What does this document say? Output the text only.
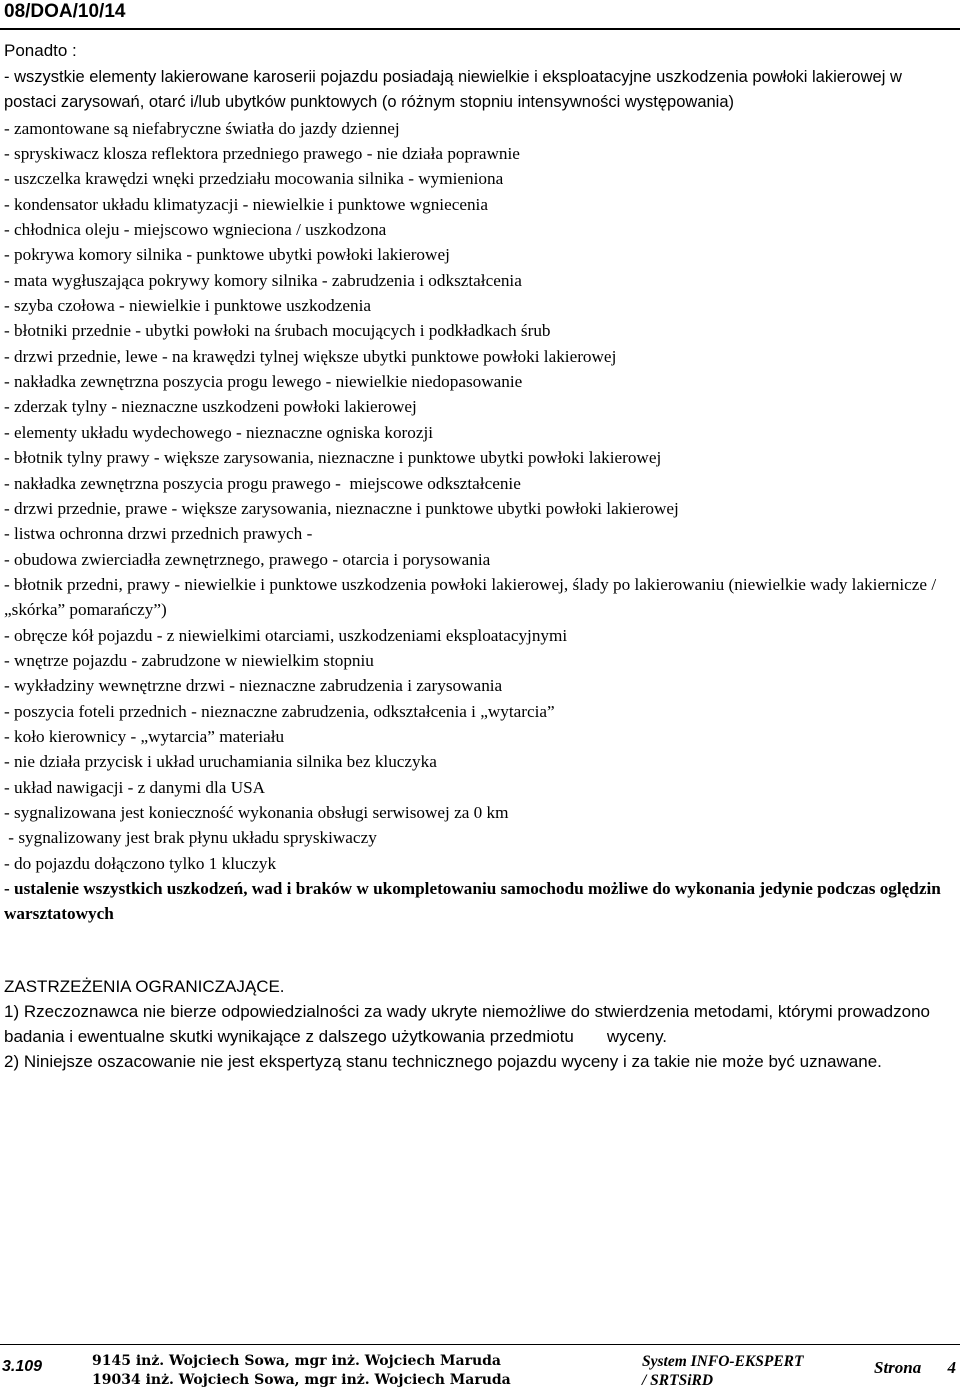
08/DOA/10/14
Ponadto :
- wszystkie elementy lakierowane karoserii pojazdu posiadają niewielkie i eksploatacyjne uszkodzenia powłoki lakierowej w postaci zarysowań, otarć i/lub ubytków punktowych (o różnym stopniu intensywności występowania)
- zamontowane są niefabryczne światła do jazdy dziennej
- spryskiwacz klosza reflektora przedniego prawego - nie działa poprawnie
- uszczelka krawędzi wnęki przedziału mocowania silnika - wymieniona
- kondensator układu klimatyzacji - niewielkie i punktowe wgniecenia
- chłodnica oleju - miejscowo wgnieciona / uszkodzona
- pokrywa komory silnika - punktowe ubytki powłoki lakierowej
- mata wygłuszająca pokrywy komory silnika - zabrudzenia i odkształcenia
- szyba czołowa - niewielkie i punktowe uszkodzenia
- błotniki przednie - ubytki powłoki na śrubach mocujących i podkładkach śrub
- drzwi przednie, lewe - na krawędzi tylnej większe ubytki punktowe powłoki lakierowej
- nakładka zewnętrzna poszycia progu lewego - niewielkie niedopasowanie
- zderzak tylny - nieznaczne uszkodzeni powłoki lakierowej
- elementy układu wydechowego - nieznaczne ogniska korozji
- błotnik tylny prawy - większe zarysowania, nieznaczne i punktowe ubytki powłoki lakierowej
- nakładka zewnętrzna poszycia progu prawego -  miejscowe odkształcenie
- drzwi przednie, prawe - większe zarysowania, nieznaczne i punktowe ubytki powłoki lakierowej
- listwa ochronna drzwi przednich prawych -
- obudowa zwierciadła zewnętrznego, prawego - otarcia i porysowania
- błotnik przedni, prawy - niewielkie i punktowe uszkodzenia powłoki lakierowej, ślady po lakierowaniu (niewielkie wady lakiernicze / „skórka” pomarańczy”)
- obręcze kół pojazdu - z niewielkimi otarciami, uszkodzeniami eksploatacyjnymi
- wnętrze pojazdu - zabrudzone w niewielkim stopniu
- wykładziny wewnętrzne drzwi - nieznaczne zabrudzenia i zarysowania
- poszycia foteli przednich - nieznaczne zabrudzenia, odkształcenia i „wytarcia”
- koło kierownicy - „wytarcia” materiału
- nie działa przycisk i układ uruchamiania silnika bez kluczyka
- układ nawigacji - z danymi dla USA
- sygnalizowana jest konieczność wykonania obsługi serwisowej za 0 km
- sygnalizowany jest brak płynu układu spryskiwaczy
- do pojazdu dołączono tylko 1 kluczyk
- ustalenie wszystkich uszkodzeń, wad i braków w ukompletowaniu samochodu możliwe do wykonania jedynie podczas oględzin warsztatowych
ZASTRZEŻENIA OGRANICZAJĄCE.
1) Rzeczoznawca nie bierze odpowiedzialności za wady ukryte niemożliwe do stwierdzenia metodami, którymi prowadzono badania i ewentualne skutki wynikające z dalszego użytkowania przedmiotu       wyceny.
2) Niniejsze oszacowanie nie jest ekspertyzą stanu technicznego pojazdu wyceny i za takie nie może być uznawane.
3.109	9145 inż. Wojciech Sowa, mgr inż. Wojciech Maruda
19034 inż. Wojciech Sowa, mgr inż. Wojciech Maruda
System INFO-EKSPERT
/ SRTSiRD
Strona 4
